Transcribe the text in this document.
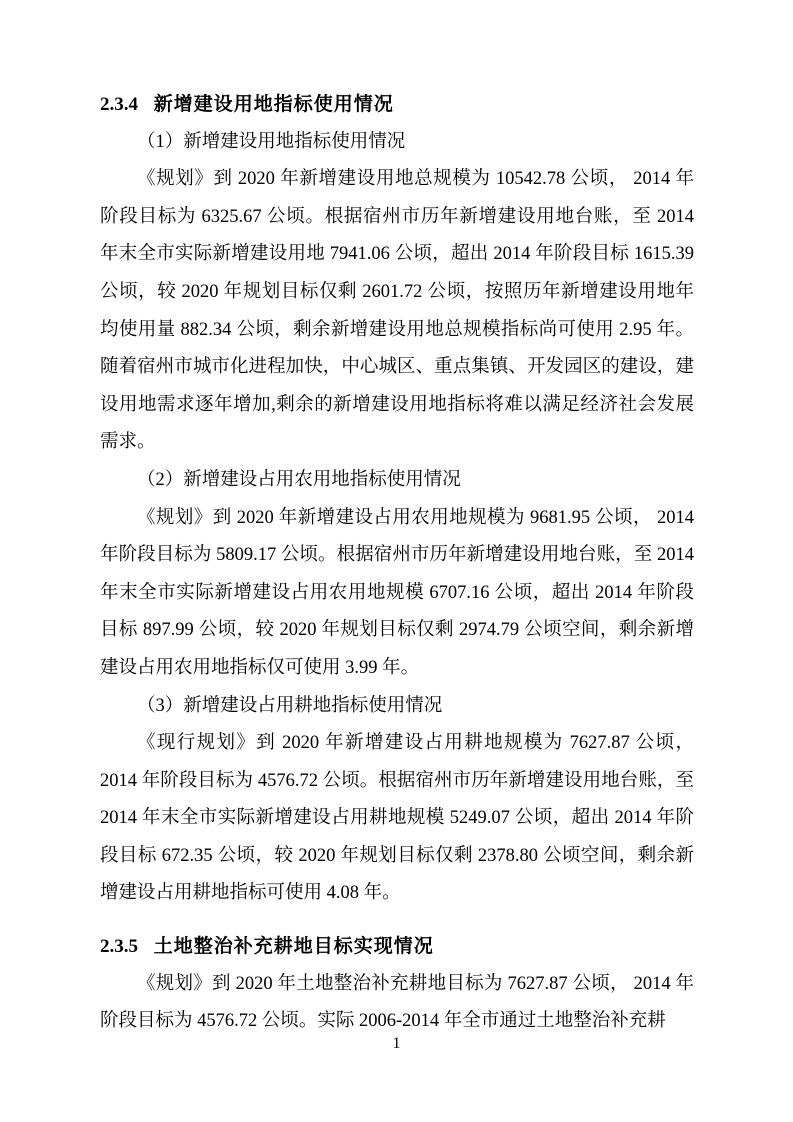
2.3.4 新增建设用地指标使用情况

（1）新增建设用地指标使用情况

《规划》到 2020 年新增建设用地总规模为 10542.78 公顷， 2014 年阶段目标为 6325.67 公顷。根据宿州市历年新增建设用地台账，至 2014 年末全市实际新增建设用地 7941.06 公顷，超出 2014 年阶段目标 1615.39 公顷，较 2020 年规划目标仅剩 2601.72 公顷，按照历年新增建设用地年均使用量 882.34 公顷，剩余新增建设用地总规模指标尚可使用 2.95 年。随着宿州市城市化进程加快，中心城区、重点集镇、开发园区的建设，建设用地需求逐年增加,剩余的新增建设用地指标将难以满足经济社会发展需求。

（2）新增建设占用农用地指标使用情况

《规划》到 2020 年新增建设占用农用地规模为 9681.95 公顷， 2014 年阶段目标为 5809.17 公顷。根据宿州市历年新增建设用地台账，至 2014 年末全市实际新增建设占用农用地规模 6707.16 公顷，超出 2014 年阶段目标 897.99 公顷，较 2020 年规划目标仅剩 2974.79 公顷空间，剩余新增建设占用农用地指标仅可使用 3.99 年。

（3）新增建设占用耕地指标使用情况

《现行规划》到 2020 年新增建设占用耕地规模为 7627.87 公顷，2014 年阶段目标为 4576.72 公顷。根据宿州市历年新增建设用地台账，至 2014 年末全市实际新增建设占用耕地规模 5249.07 公顷，超出 2014 年阶段目标 672.35 公顷，较 2020 年规划目标仅剩 2378.80 公顷空间，剩余新增建设占用耕地指标可使用 4.08 年。

2.3.5 土地整治补充耕地目标实现情况

《规划》到 2020 年土地整治补充耕地目标为 7627.87 公顷， 2014 年阶段目标为 4576.72 公顷。实际 2006-2014 年全市通过土地整治补充耕

1
